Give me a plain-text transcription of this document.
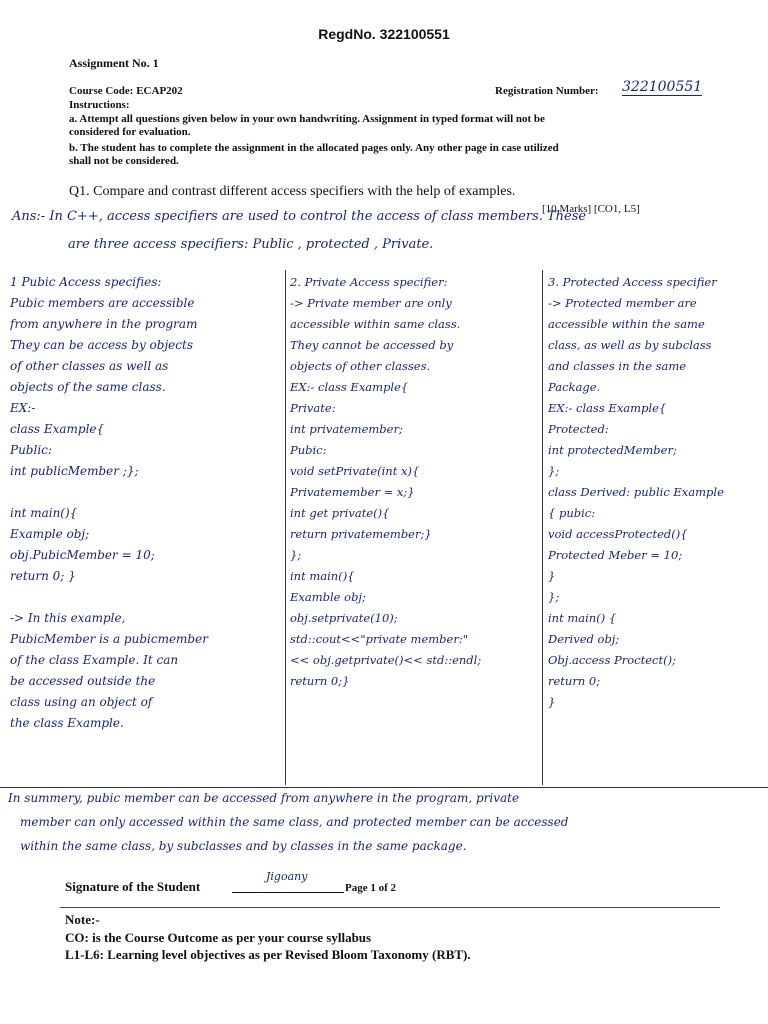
RegdNo. 322100551
Assignment No. 1
Course Code: ECAP202	Registration Number: 322100551
Instructions:
a. Attempt all questions given below in your own handwriting. Assignment in typed format will not be
considered for evaluation.
b. The student has to complete the assignment in the allocated pages only. Any other page in case utilized
shall not be considered.
Q1. Compare and contrast different access specifiers with the help of examples.
[10 Marks] [CO1, L5]
Ans:- In C++, access specifiers are used to control the access of class members. These
are three access specifiers: Public , protected , Private.
1 Pubic Access specifies:
Pubic members are accessible
from anywhere in the program
They can be access by objects
of other classes as well as
objects of the same class.
EX:-
class Example{
Public:
int publicMember ;};
int main(){
Example obj;
obj.PubicMember = 10;
return 0; }
-> In this example,
PubicMember is a pubicmember
of the class Example. It can
be accessed outside the
class using an object of
the class Example.
2. Private Access specifier:
-> Private member are only
accessible within same class.
They cannot be accessed by
objects of other classes.
EX:- class Example{
Private:
int privatemember;
Pubic:
void setPrivate(int x){
Privatemember = x;}
int get private(){
return privatemember;}
};
int main(){
Examble obj;
obj.setprivate(10);
std::cout<<"private member:"
<< obj.getprivate()<< std::endl;
return 0;}
3. Protected Access specifier
-> Protected member are
accessible within the same
class, as well as by subclass
and classes in the same
Package.
EX:- class Example{
Protected:
int protectedMember;
};
class Derived: public Example
{ pubic:
void accessProtected(){
Protected Meber = 10;
}
};
int main() {
Derived obj;
Obj.access Proctect();
return 0;
}
In summery, pubic member can be accessed from anywhere in the program, private
member can only accessed within the same class, and protected member can be accessed
within the same class, by subclasses and by classes in the same package.
Signature of the Student
Jigoany
Page 1 of 2
Note:-
CO: is the Course Outcome as per your course syllabus
L1-L6: Learning level objectives as per Revised Bloom Taxonomy (RBT).
